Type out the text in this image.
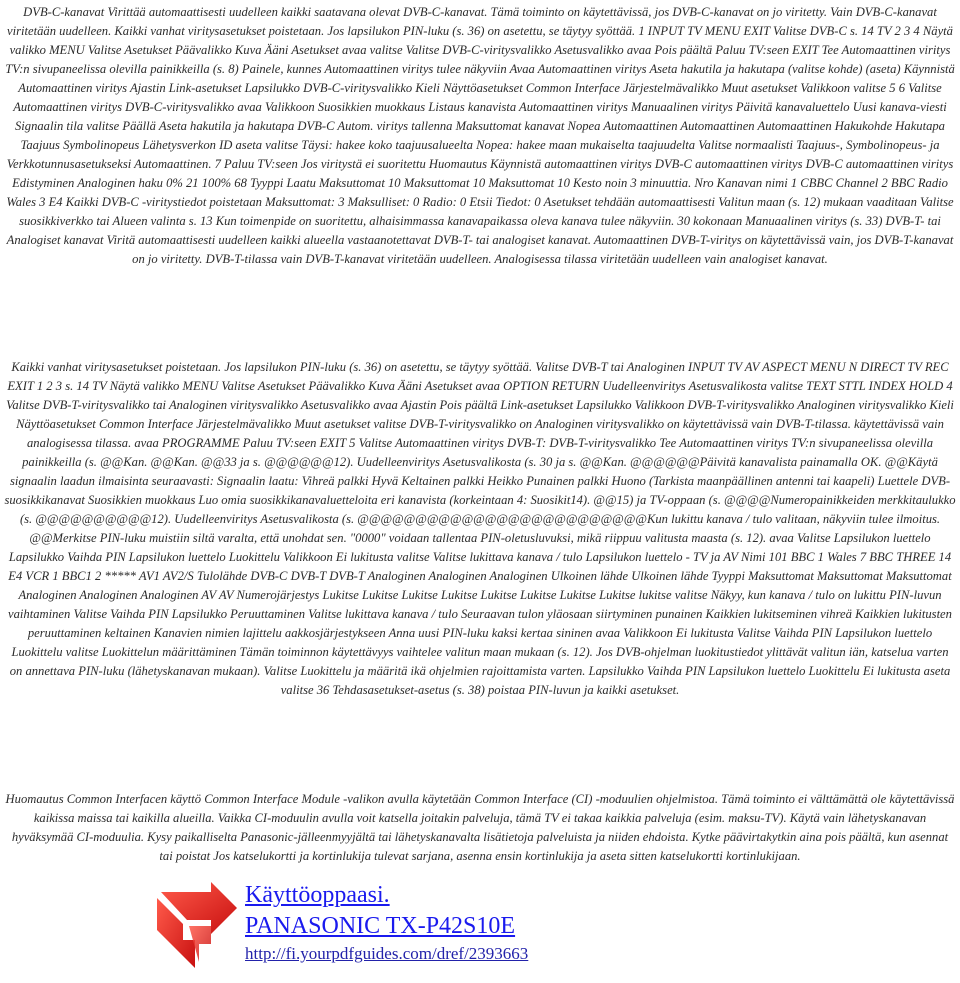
DVB-C-kanavat Virittää automaattisesti uudelleen kaikki saatavana olevat DVB-C-kanavat. Tämä toiminto on käytettävissä, jos DVB-C-kanavat on jo viritetty. Vain DVB-C-kanavat viritetään uudelleen. Kaikki vanhat viritysasetukset poistetaan. Jos lapsilukon PIN-luku (s. 36) on asetettu, se täytyy syöttää. 1 INPUT TV MENU EXIT Valitse DVB-C s. 14 TV 2 3 4 Näytä valikko MENU Valitse Asetukset Päävalikko Kuva Ääni Asetukset avaa valitse Valitse DVB-C-viritysvalikko Asetusvalikko avaa Pois päältä Paluu TV:seen EXIT Tee Automaattinen viritys TV:n sivupaneelissa olevilla painikkeilla (s. 8) Painele, kunnes Automaattinen viritys tulee näkyviin Avaa Automaattinen viritys Aseta hakutila ja hakutapa (valitse kohde) (aseta) Käynnistä Automaattinen viritys Ajastin Link-asetukset Lapsilukko DVB-C-viritysvalikko Kieli Näyttöasetukset Common Interface Järjestelmävalikko Muut asetukset Valikkoon valitse 5 6 Valitse Automaattinen viritys DVB-C-viritysvalikko avaa Valikkoon Suosikkien muokkaus Listaus kanavista Automaattinen viritys Manuaalinen viritys Päivitä kanavaluettelo Uusi kanava-viesti Signaalin tila valitse Päällä Aseta hakutila ja hakutapa DVB-C Autom. viritys tallenna Maksuttomat kanavat Nopea Automaattinen Automaattinen Automaattinen Hakukohde Hakutapa Taajuus Symbolinopeus Lähetysverkon ID aseta valitse Täysi: hakee koko taajuusalueelta Nopea: hakee maan mukaiselta taajuudelta Valitse normaalisti Taajuus-, Symbolinopeus- ja Verkkotunnusasetukseksi Automaattinen. 7 Paluu TV:seen Jos viritystä ei suoritettu Huomautus Käynnistä automaattinen viritys DVB-C automaattinen viritys DVB-C automaattinen viritys Edistyminen Analoginen haku 0% 21 100% 68 Tyyppi Laatu Maksuttomat 10 Maksuttomat 10 Maksuttomat 10 Kesto noin 3 minuuttia. Nro Kanavan nimi 1 CBBC Channel 2 BBC Radio Wales 3 E4 Kaikki DVB-C -viritystiedot poistetaan Maksuttomat: 3 Maksulliset: 0 Radio: 0 Etsii Tiedot: 0 Asetukset tehdään automaattisesti Valitun maan (s. 12) mukaan vaaditaan Valitse suosikkiverkko tai Alueen valinta s. 13 Kun toimenpide on suoritettu, alhaisimmassa kanavapaikassa oleva kanava tulee näkyviin. 30 kokonaan Manuaalinen viritys (s. 33) DVB-T- tai Analogiset kanavat Viritä automaattisesti uudelleen kaikki alueella vastaanotettavat DVB-T- tai analogiset kanavat. Automaattinen DVB-T-viritys on käytettävissä vain, jos DVB-T-kanavat on jo viritetty. DVB-T-tilassa vain DVB-T-kanavat viritetään uudelleen. Analogisessa tilassa viritetään uudelleen vain analogiset kanavat.

Kaikki vanhat viritysasetukset poistetaan. Jos lapsilukon PIN-luku (s. 36) on asetettu, se täytyy syöttää. Valitse DVB-T tai Analoginen INPUT TV AV ASPECT MENU N DIRECT TV REC EXIT 1 2 3 s. 14 TV Näytä valikko MENU Valitse Asetukset Päävalikko Kuva Ääni Asetukset avaa OPTION RETURN Uudelleenviritys Asetusvalikosta valitse TEXT STTL INDEX HOLD 4 Valitse DVB-T-viritysvalikko tai Analoginen viritysvalikko Asetusvalikko avaa Ajastin Pois päältä Link-asetukset Lapsilukko Valikkoon DVB-T-viritysvalikko Analoginen viritysvalikko Kieli Näyttöasetukset Common Interface Järjestelmävalikko Muut asetukset valitse DVB-T-viritysvalikko on Analoginen viritysvalikko on käytettävissä vain DVB-T-tilassa. käytettävissä vain analogisessa tilassa. avaa PROGRAMME Paluu TV:seen EXIT 5 Valitse Automaattinen viritys DVB-T: DVB-T-viritysvalikko Tee Automaattinen viritys TV:n sivupaneelissa olevilla painikkeilla (s. @@Kan. @@Kan. @@33 ja s. @@@@@@12). Uudelleenviritys Asetusvalikosta (s. 30 ja s. @@Kan. @@@@@@Päivitä kanavalista painamalla OK. @@Käytä signaalin laadun ilmaisinta seuraavasti: Signaalin laatu: Vihreä palkki Hyvä Keltainen palkki Heikko Punainen palkki Huono (Tarkista maanpäällinen antenni tai kaapeli) Luettele DVB-suosikkikanavat Suosikkien muokkaus Luo omia suosikkikanavaluetteloita eri kanavista (korkeintaan 4: Suosikit14). @@15) ja TV-oppaan (s. @@@@Numeropainikkeiden merkkitaulukko (s. @@@@@@@@@@12). Uudelleenviritys Asetusvalikosta (s. @@@@@@@@@@@@@@@@@@@@@@@@@Kun lukittu kanava / tulo valitaan, näkyviin tulee ilmoitus. @@Merkitse PIN-luku muistiin siltä varalta, että unohdat sen. "0000" voidaan tallentaa PIN-oletusluvuksi, mikä riippuu valitusta maasta (s. 12). avaa Valitse Lapsilukon luettelo Lapsilukko Vaihda PIN Lapsilukon luettelo Luokittelu Valikkoon Ei lukitusta valitse Valitse lukittava kanava / tulo Lapsilukon luettelo - TV ja AV Nimi 101 BBC 1 Wales 7 BBC THREE 14 E4 VCR 1 BBC1 2 ***** AV1 AV2/S Tulolähde DVB-C DVB-T DVB-T Analoginen Analoginen Analoginen Ulkoinen lähde Ulkoinen lähde Tyyppi Maksuttomat Maksuttomat Maksuttomat Analoginen Analoginen Analoginen AV AV Numerojärjestys Lukitse Lukitse Lukitse Lukitse Lukitse Lukitse Lukitse Lukitse lukitse valitse Näkyy, kun kanava / tulo on lukittu PIN-luvun vaihtaminen Valitse Vaihda PIN Lapsilukko Peruuttaminen Valitse lukittava kanava / tulo Seuraavan tulon yläosaan siirtyminen punainen Kaikkien lukitseminen vihreä Kaikkien lukitusten peruuttaminen keltainen Kanavien nimien lajittelu aakkosjärjestykseen Anna uusi PIN-luku kaksi kertaa sininen avaa Valikkoon Ei lukitusta Valitse Vaihda PIN Lapsilukon luettelo Luokittelu valitse Luokittelun määrittäminen Tämän toiminnon käytettävyys vaihtelee valitun maan mukaan (s. 12). Jos DVB-ohjelman luokitustiedot ylittävät valitun iän, katselua varten on annettava PIN-luku (lähetyskanavan mukaan). Valitse Luokittelu ja määritä ikä ohjelmien rajoittamista varten. Lapsilukko Vaihda PIN Lapsilukon luettelo Luokittelu Ei lukitusta aseta valitse 36 Tehdasasetukset-asetus (s. 38) poistaa PIN-luvun ja kaikki asetukset.

Huomautus Common Interfacen käyttö Common Interface Module -valikon avulla käytetään Common Interface (CI) -moduulien ohjelmistoa. Tämä toiminto ei välttämättä ole käytettävissä kaikissa maissa tai kaikilla alueilla. Vaikka CI-moduulin avulla voit katsella joitakin palveluja, tämä TV ei takaa kaikkia palveluja (esim. maksu-TV). Käytä vain lähetyskanavan hyväksymää CI-moduulia. Kysy paikalliselta Panasonic-jälleenmyyjältä tai lähetyskanavalta lisätietoja palveluista ja niiden ehdoista. Kytke päävirtakytkin aina pois päältä, kun asennat tai poistat Jos katselukortti ja kortinlukija tulevat sarjana, asenna ensin kortinlukija ja aseta sitten katselukortti kortinlukijaan.

Käyttöoppaasi.
PANASONIC TX-P42S10E
http://fi.yourpdfguides.com/dref/2393663
